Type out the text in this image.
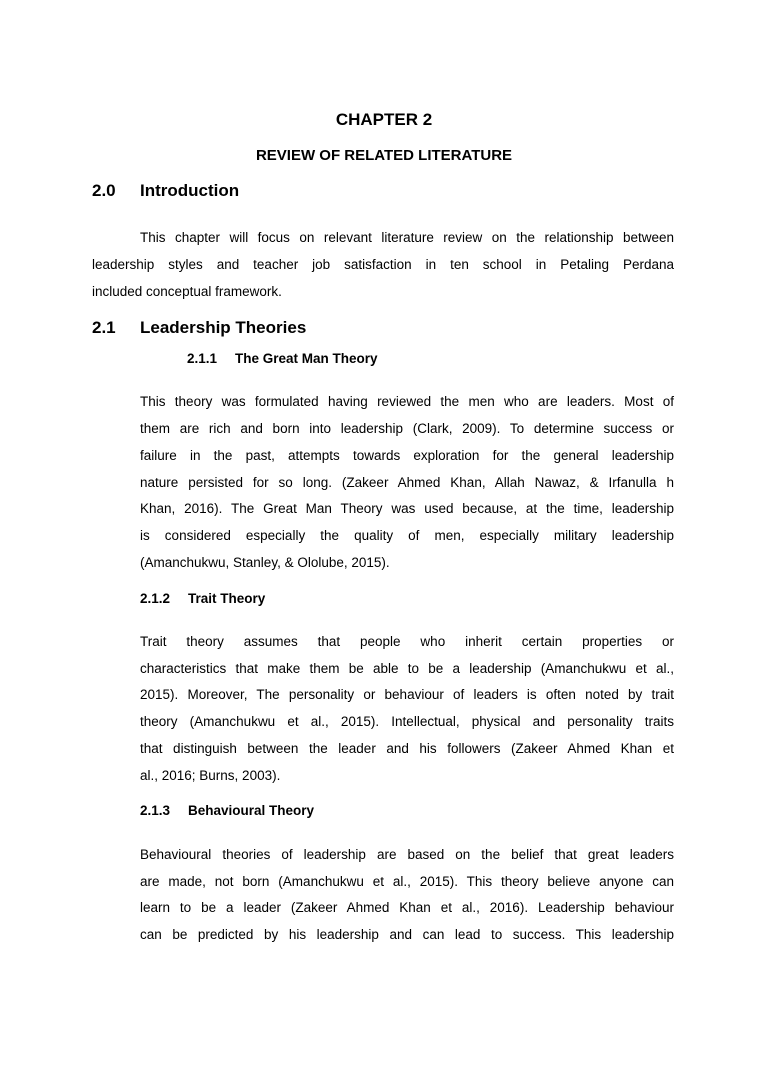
CHAPTER 2
REVIEW OF RELATED LITERATURE
2.0 Introduction
This chapter will focus on relevant literature review on the relationship between
leadership styles and teacher job satisfaction in ten school in Petaling Perdana
included conceptual framework.
2.1 Leadership Theories
2.1.1 The Great Man Theory
This theory was formulated having reviewed the men who are leaders. Most of
them are rich and born into leadership (Clark, 2009). To determine success or
failure in the past, attempts towards exploration for the general leadership
nature persisted for so long. (Zakeer Ahmed Khan, Allah Nawaz, & Irfanulla h
Khan, 2016). The Great Man Theory was used because, at the time, leadership
is considered especially the quality of men, especially military leadership
(Amanchukwu, Stanley, & Ololube, 2015).
2.1.2 Trait Theory
Trait theory assumes that people who inherit certain properties or
characteristics that make them be able to be a leadership (Amanchukwu et al.,
2015). Moreover, The personality or behaviour of leaders is often noted by trait
theory (Amanchukwu et al., 2015). Intellectual, physical and personality traits
that distinguish between the leader and his followers (Zakeer Ahmed Khan et
al., 2016; Burns, 2003).
2.1.3 Behavioural Theory
Behavioural theories of leadership are based on the belief that great leaders
are made, not born (Amanchukwu et al., 2015). This theory believe anyone can
learn to be a leader (Zakeer Ahmed Khan et al., 2016). Leadership behaviour
can be predicted by his leadership and can lead to success. This leadership
